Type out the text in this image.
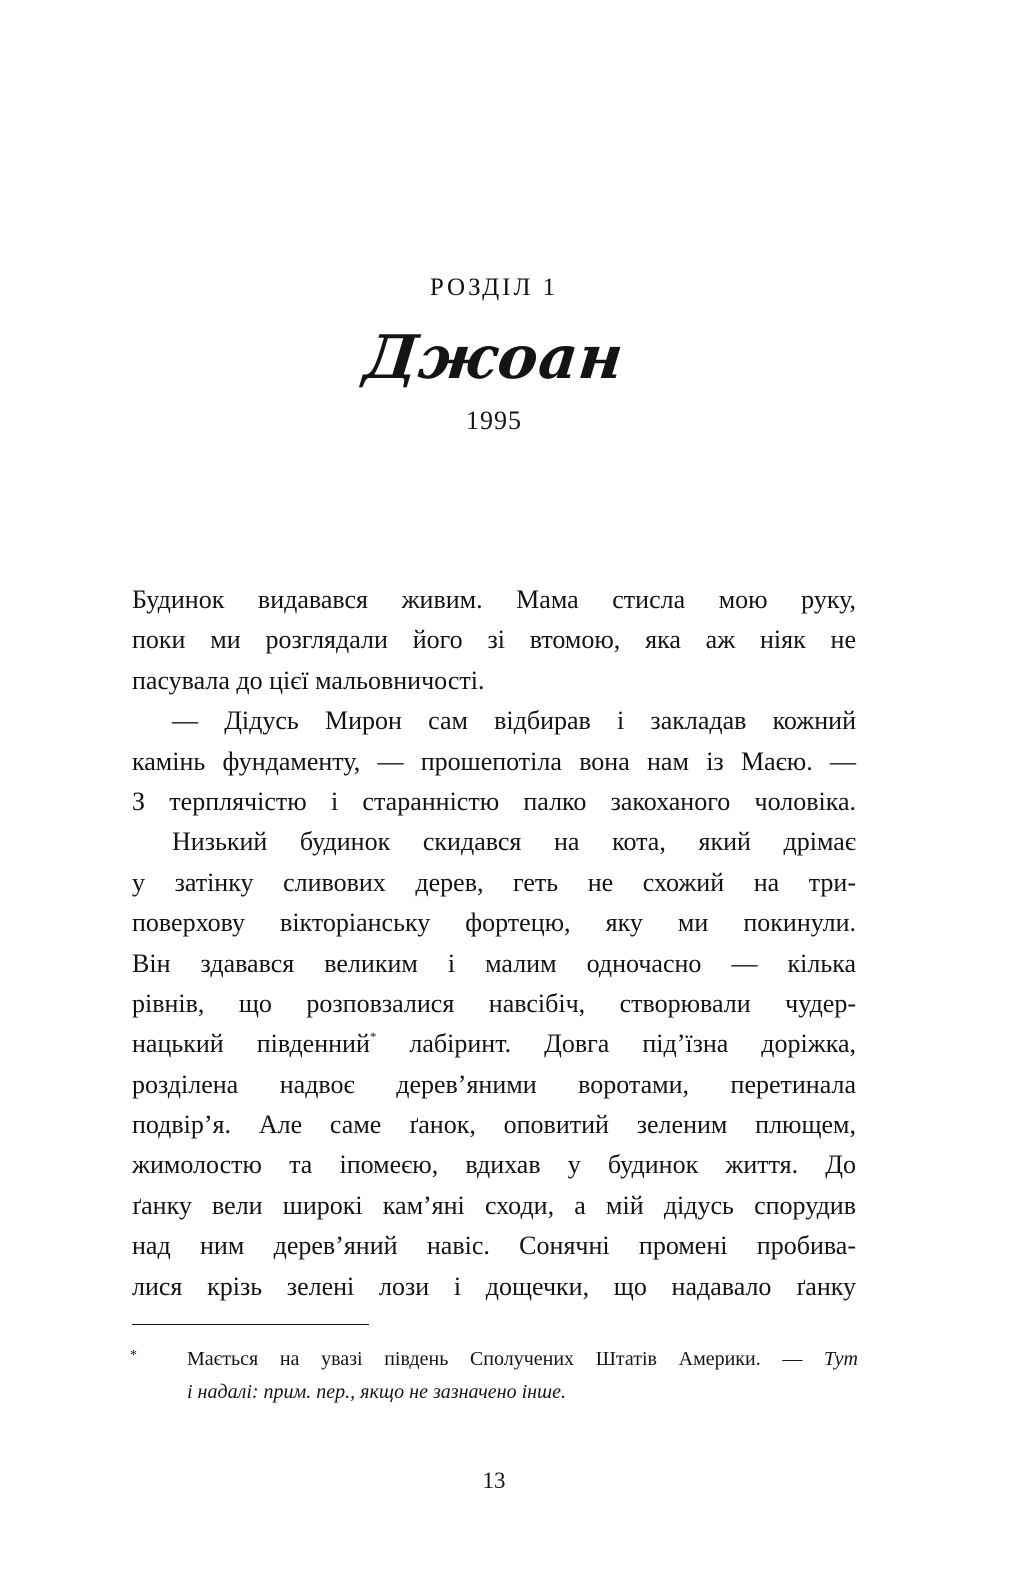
РОЗДІЛ 1
Джоан
1995
Будинок видавався живим. Мама стисла мою руку,
поки ми розглядали його зі втомою, яка аж ніяк не
пасувала до цієї мальовничості.
— Дідусь Мирон сам відбирав і закладав кожний
камінь фундаменту, — прошепотіла вона нам із Маєю. —
З терплячістю і старанністю палко закоханого чоловіка.
Низький будинок скидався на кота, який дрімає
у затінку сливових дерев, геть не схожий на три-
поверхову вікторіанську фортецю, яку ми покинули.
Він здавався великим і малим одночасно — кілька
рівнів, що розповзалися навсібіч, створювали чудер-
нацький південний* лабіринт. Довга під’їзна доріжка,
розділена надвоє дерев’яними воротами, перетинала
подвір’я. Але саме ґанок, оповитий зеленим плющем,
жимолостю та іпомеєю, вдихав у будинок життя. До
ґанку вели широкі кам’яні сходи, а мій дідусь спорудив
над ним дерев’яний навіс. Сонячні промені пробива-
лися крізь зелені лози і дощечки, що надавало ґанку
*	Мається на увазі південь Сполучених Штатів Америки. — Тут
і надалі: прим. пер., якщо не зазначено інше.
13
